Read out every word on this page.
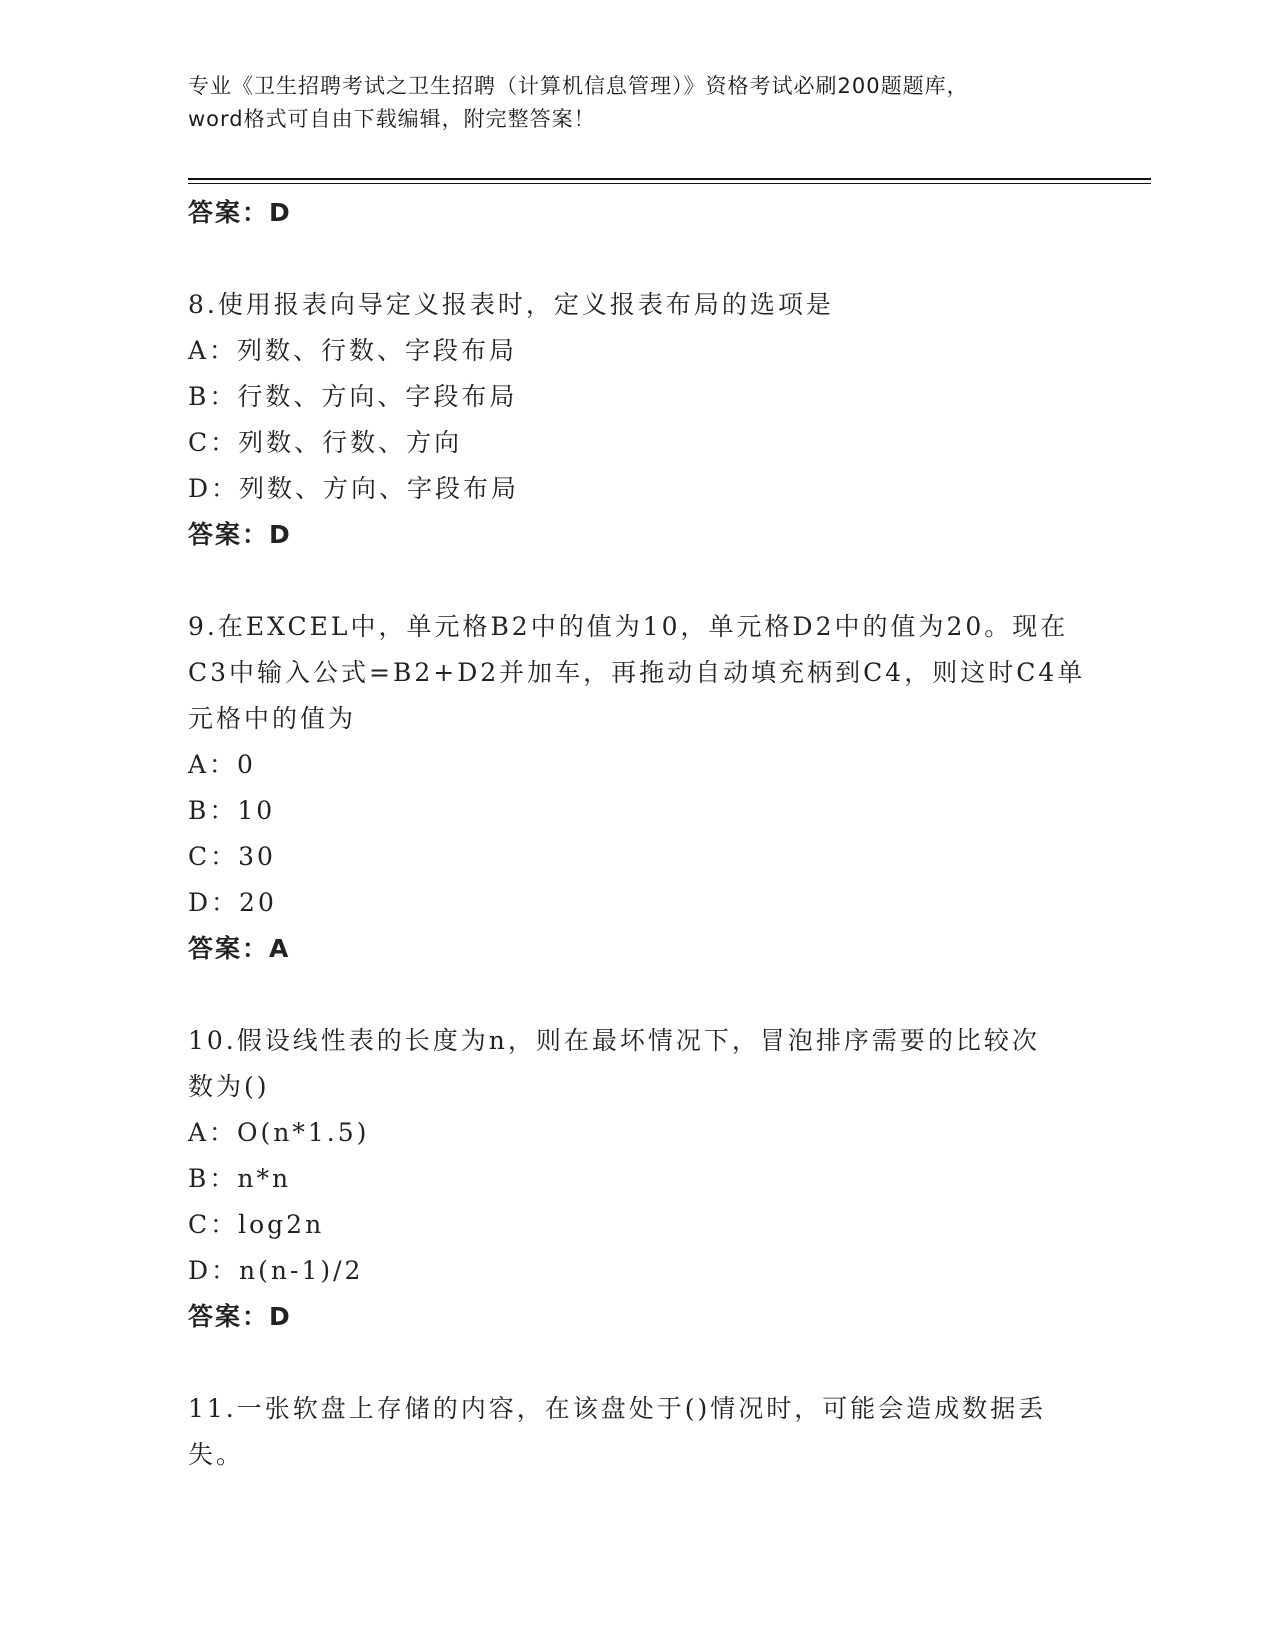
专业《卫生招聘考试之卫生招聘（计算机信息管理）》资格考试必刷200题题库，
word格式可自由下载编辑，附完整答案！
答案：D
8.使用报表向导定义报表时，定义报表布局的选项是
A：列数、行数、字段布局
B：行数、方向、字段布局
C：列数、行数、方向
D：列数、方向、字段布局
答案：D
9.在EXCEL中，单元格B2中的值为10，单元格D2中的值为20。现在
C3中输入公式=B2+D2并加车，再拖动自动填充柄到C4，则这时C4单
元格中的值为
A：0
B：10
C：30
D：20
答案：A
10.假设线性表的长度为n，则在最坏情况下，冒泡排序需要的比较次
数为()
A：O(n*1.5)
B：n*n
C：log2n
D：n(n-1)/2
答案：D
11.一张软盘上存储的内容，在该盘处于()情况时，可能会造成数据丢
失。
